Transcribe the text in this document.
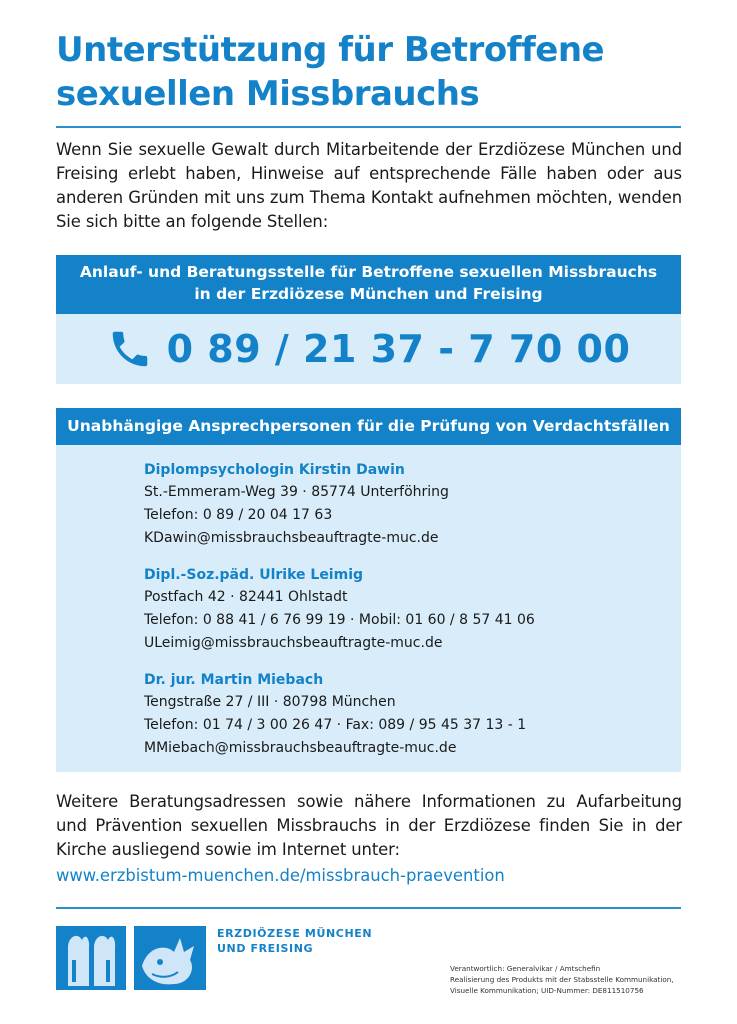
Unterstützung für Betroffene
sexuellen Missbrauchs
Wenn Sie sexuelle Gewalt durch Mitarbeitende der Erzdiözese München und Freising erlebt haben, Hinweise auf entsprechende Fälle haben oder aus anderen Gründen mit uns zum Thema Kontakt aufnehmen möchten, wenden Sie sich bitte an folgende Stellen:
Anlauf- und Beratungsstelle für Betroffene sexuellen Missbrauchs
in der Erzdiözese München und Freising
0 89 / 21 37 - 7 70 00
Unabhängige Ansprechpersonen für die Prüfung von Verdachtsfällen
Diplompsychologin Kirstin Dawin
St.-Emmeram-Weg 39 · 85774 Unterföhring
Telefon: 0 89 / 20 04 17 63
KDawin@missbrauchsbeauftragte-muc.de
Dipl.-Soz.päd. Ulrike Leimig
Postfach 42 · 82441 Ohlstadt
Telefon: 0 88 41 / 6 76 99 19 · Mobil: 01 60 / 8 57 41 06
ULeimig@missbrauchsbeauftragte-muc.de
Dr. jur. Martin Miebach
Tengstraße 27 / III · 80798 München
Telefon: 01 74 / 3 00 26 47 · Fax: 089 / 95 45 37 13 - 1
MMiebach@missbrauchsbeauftragte-muc.de
Weitere Beratungsadressen sowie nähere Informationen zu Aufarbeitung und Prävention sexuellen Missbrauchs in der Erzdiözese finden Sie in der Kirche ausliegend sowie im Internet unter:
www.erzbistum-muenchen.de/missbrauch-praevention
ERZDIÖZESE MÜNCHEN
UND FREISING
Verantwortlich: Generalvikar / Amtschefin
Realisierung des Produkts mit der Stabsstelle Kommunikation,
Visuelle Kommunikation; UID-Nummer: DE811510756
